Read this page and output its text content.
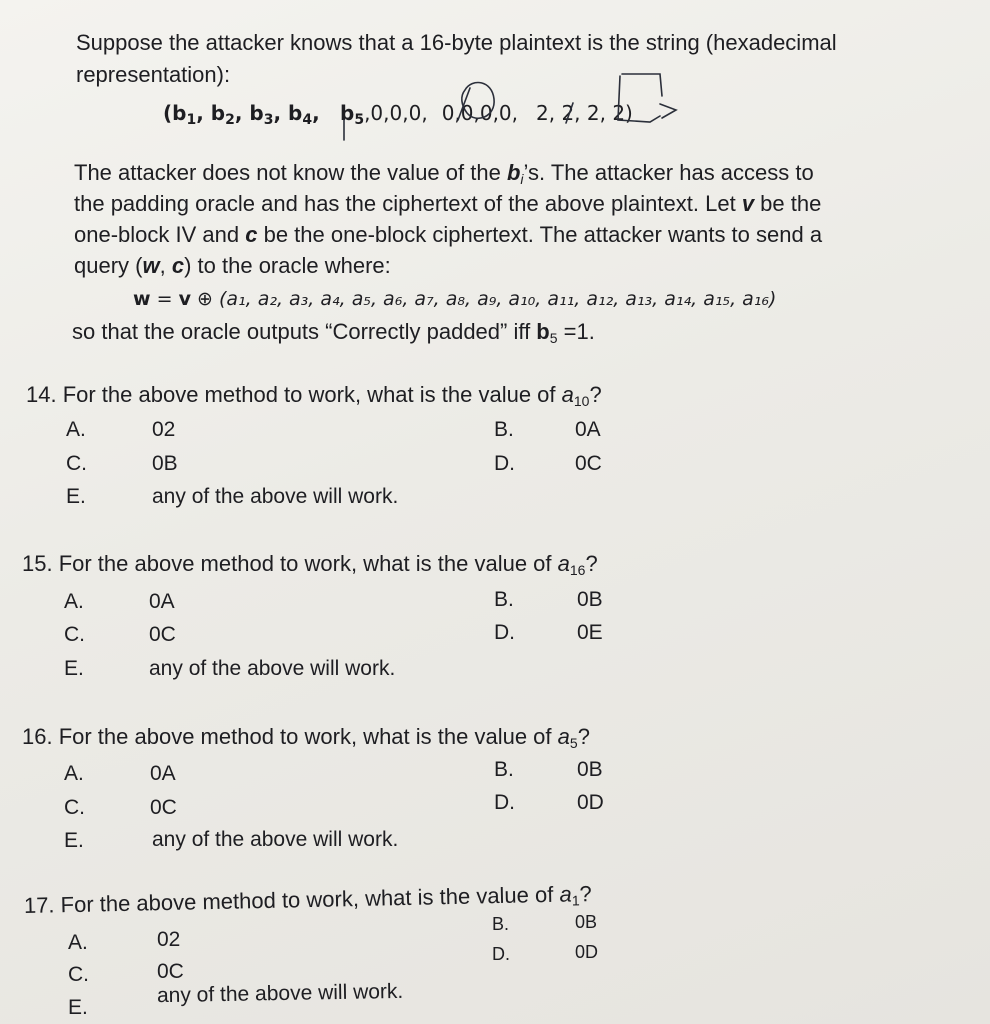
Suppose the attacker knows that a 16-byte plaintext is the string (hexadecimal
representation):
($b_1$, $b_2$, $b_3$, $b_4$, $b_5,0,0,0$, 0,0,0,0, 2, 2, 2, 2)
The attacker does not know the value of the $b_i’s$. The attacker has access to
the padding oracle and has the ciphertext of the above plaintext. Let v be the
one-block IV and c be the one-block ciphertext. The attacker wants to send a
query (w, c) to the oracle where:
w = v ⊕ (a₁, a₂, a₃, a₄, a₅, a₆, a₇, a₈, a₉, a₁₀, a₁₁, a₁₂, a₁₃, a₁₄, a₁₅, a₁₆)
so that the oracle outputs “Correctly padded” iff $b_5 =1$.
14. For the above method to work, what is the value of $a_{10}$?
A.	02	B.	0A
C.	0B	D.	0C
E.	any of the above will work.
15. For the above method to work, what is the value of $a_{16}$?
A.	0A	B.	0B
C.	0C	D.	0E
E.	any of the above will work.
16. For the above method to work, what is the value of $a_5$?
A.	0A	B.	0B
C.	0C	D.	0D
E.	any of the above will work.
17. For the above method to work, what is the value of $a_1$?
A.	02
B.	0B
C.	0C
D.	0D
E.
any of the above will work.
